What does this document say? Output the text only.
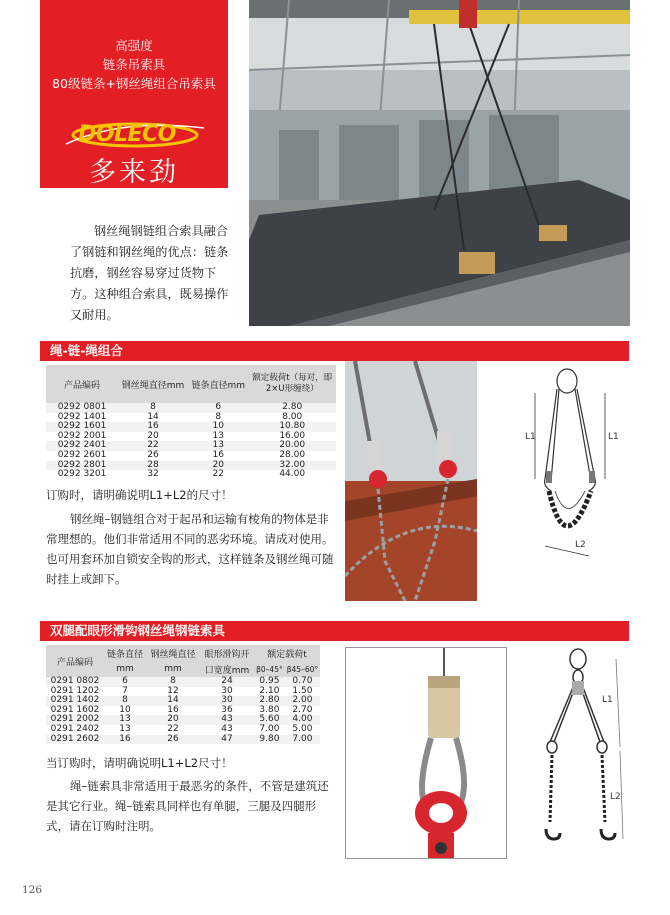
高强度
链条吊索具
80级链条+钢丝绳组合吊索具
DOLECO
多来劲
钢丝绳钢链组合索具融合了钢链和钢丝绳的优点：链条抗磨，钢丝容易穿过货物下方。这种组合索具，既易操作又耐用。
绳-链-绳组合
产品编码	钢丝绳直径mm	链条直径mm	额定载荷t（每对，即2×U形缠绕）
0292 0801	8	6	2.80
0292 1401	14	8	8.00
0292 1601	16	10	10.80
0292 2001	20	13	16.00
0292 2401	22	13	20.00
0292 2601	26	16	28.00
0292 2801	28	20	32.00
0292 3201	32	22	44.00
订购时，请明确说明L1+L2的尺寸！
钢丝绳–钢链组合对于起吊和运输有棱角的物体是非常理想的。他们非常适用不同的恶劣环境。请成对使用。也可用套环加自锁安全钩的形式，这样链条及钢丝绳可随时挂上或卸下。
L1	L1
L2
双腿配眼形滑钩钢丝绳钢链索具
产品编码	链条直径	钢丝绳直径	眼形滑钩开	额定载荷t	
	mm	mm	口宽度mm	β0–45°	β45–60°
0291 0802	6	8	24	0.95	0.70
0291 1202	7	12	30	2.10	1.50
0291 1402	8	14	30	2.80	2.00
0291 1602	10	16	36	3.80	2.70
0291 2002	13	20	43	5.60	4.00
0291 2402	13	22	43	7.00	5.00
0291 2602	16	26	47	9.80	7.00
当订购时，请明确说明L1+L2尺寸！
绳–链索具非常适用于最恶劣的条件，不管是建筑还是其它行业。绳–链索具同样也有单腿，三腿及四腿形式，请在订购时注明。
L1
L2
126
